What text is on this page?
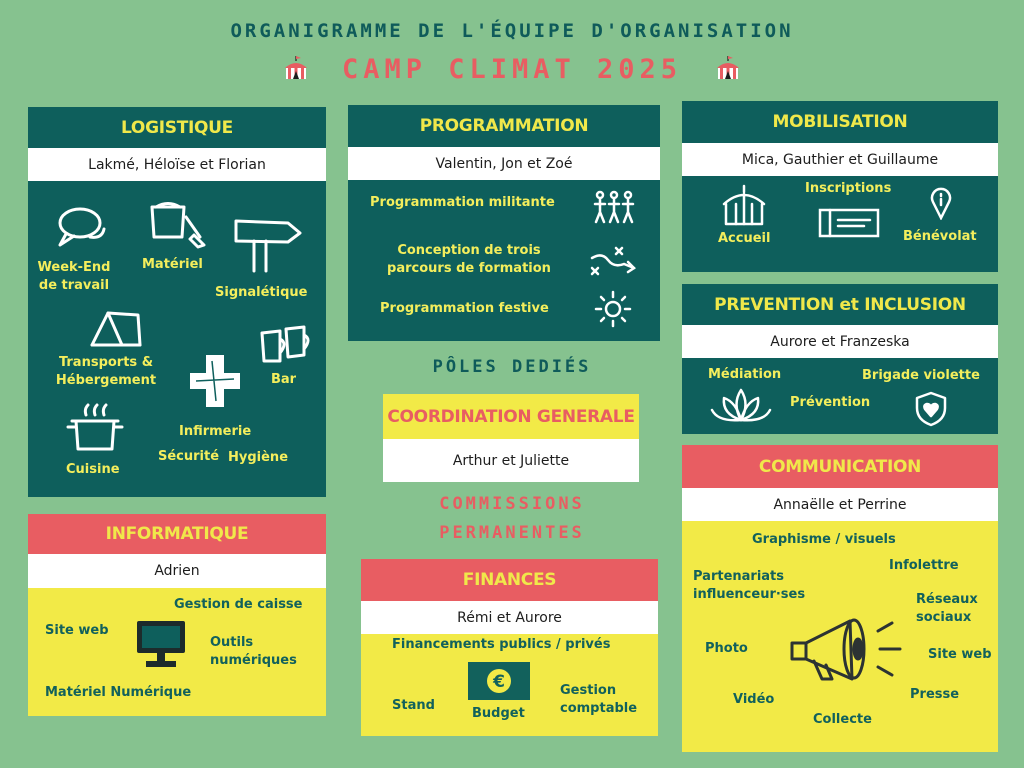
ORGANIGRAMME DE L'ÉQUIPE D'ORGANISATION
CAMP CLIMAT 2025
LOGISTIQUE
Lakmé, Héloïse et Florian
Week-End de travail
Matériel
Signalétique
Transports & Hébergement	Bar
Infirmerie
Cuisine
Sécurité Hygiène
PROGRAMMATION
Valentin, Jon et Zoé
Programmation militante
Conception de trois parcours de formation
Programmation festive
MOBILISATION
Mica, Gauthier et Guillaume
Accueil
Inscriptions
Bénévolat
PREVENTION et INCLUSION
Aurore et Franzeska
Médiation
Prévention
Brigade violette
PÔLES DEDIÉS
COORDINATION GENERALE
Arthur et Juliette
COMMISSIONS PERMANENTES
INFORMATIQUE
Adrien
Site web
Gestion de caisse
Outils numériques
Matériel Numérique
FINANCES
Rémi et Aurore
Financements publics / privés
Stand
€
Budget
Gestion comptable
COMMUNICATION
Annaëlle et Perrine
Graphisme / visuels
Infolettre
Partenariats influenceur·ses	Réseaux sociaux
Photo	Site web
Vidéo	Presse
Collecte
